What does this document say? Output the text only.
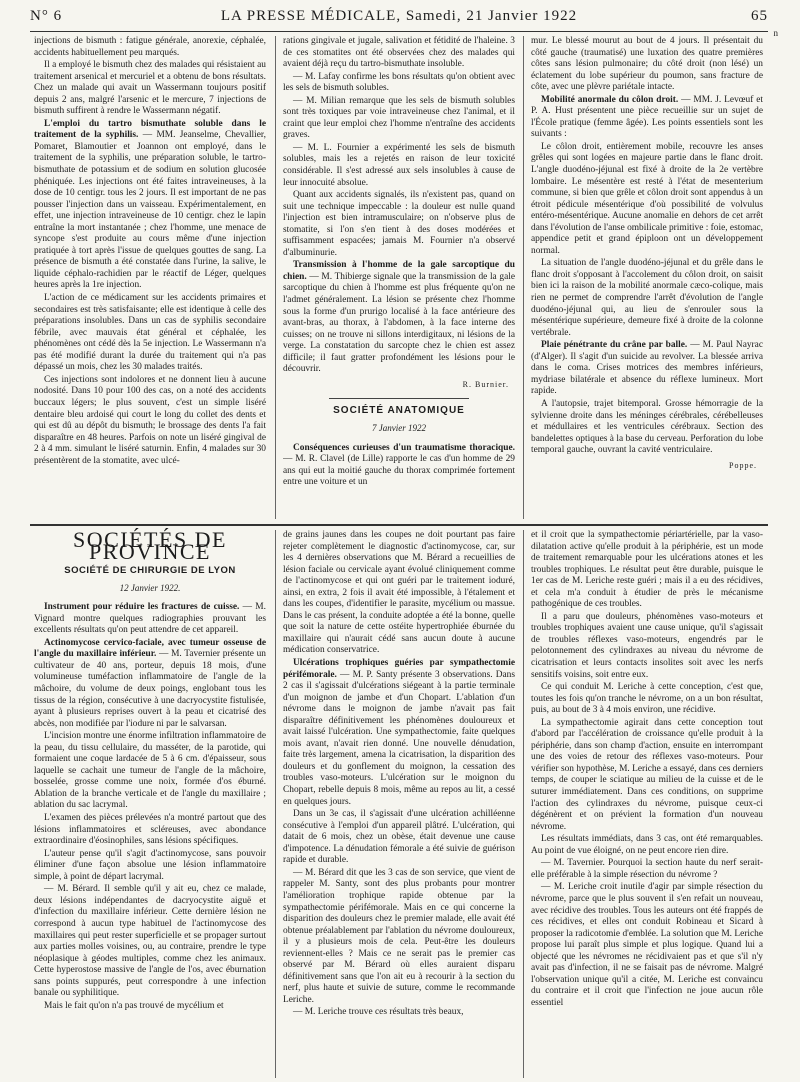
N° 6	LA PRESSE MÉDICALE, Samedi, 21 Janvier 1922	65
n

injections de bismuth : fatigue générale, anorexie, céphalée, accidents habituellement peu marqués.

Il a employé le bismuth chez des malades qui résistaient au traitement arsenical et mercuriel et a obtenu de bons résultats. Chez un malade qui avait un Wassermann toujours positif depuis 2 ans, malgré l'arsenic et le mercure, 7 injections de bismuth suffirent à rendre le Wassermann négatif.

L'emploi du tartro bismuthate soluble dans le traitement de la syphilis. — MM. Jeanselme, Chevallier, Pomaret, Blamoutier et Joannon ont employé, dans le traitement de la syphilis, une préparation soluble, le tartro-bismuthate de potassium et de sodium en solution glucosée phéniquée. Les injections ont été faites intraveineuses, à la dose de 10 centigr. tous les 2 jours. Il est important de ne pas pousser l'injection dans un vaisseau. Expérimentalement, en effet, une injection intraveineuse de 10 centigr. chez le lapin entraîne la mort instantanée ; chez l'homme, une menace de syncope s'est produite au cours même d'une injection pratiquée à tort après l'issue de quelques gouttes de sang. La présence de bismuth a été constatée dans l'urine, la salive, le liquide céphalo-rachidien par le réactif de Léger, quelques heures après la 1re injection.

L'action de ce médicament sur les accidents primaires et secondaires est très satisfaisante; elle est identique à celle des préparations insolubles. Dans un cas de syphilis secondaire fébrile, avec mauvais état général et céphalée, les phénomènes ont cédé dès la 5e injection. Le Wassermann n'a pas été modifié durant la durée du traitement qui n'a pas dépassé un mois, chez les 30 malades traités.

Ces injections sont indolores et ne donnent lieu à aucune nodosité. Dans 10 pour 100 des cas, on a noté des accidents buccaux légers; le plus souvent, c'est un simple liséré dentaire bleu ardoisé qui court le long du collet des dents et qui est dû au dépôt du bismuth; le brossage des dents l'a fait disparaître en 48 heures. Parfois on note un liséré gingival de 2 à 4 mm. simulant le liséré saturnin. Enfin, 4 malades sur 30 présentèrent de la stomatite, avec ulcé-

rations gingivale et jugale, salivation et fétidité de l'haleine. 3 de ces stomatites ont été observées chez des malades qui avaient déjà reçu du tartro-bismuthate insoluble.

— M. Lafay confirme les bons résultats qu'on obtient avec les sels de bismuth solubles.

— M. Milian remarque que les sels de bismuth solubles sont très toxiques par voie intraveineuse chez l'animal, et il craint que leur emploi chez l'homme n'entraîne des accidents graves.

— M. L. Fournier a expérimenté les sels de bismuth solubles, mais les a rejetés en raison de leur toxicité considérable. Il s'est adressé aux sels insolubles à cause de leur innocuité absolue.

Quant aux accidents signalés, ils n'existent pas, quand on suit une technique impeccable : la douleur est nulle quand l'injection est bien intramusculaire; on n'observe plus de stomatite, si l'on s'en tient à des doses modérées et suffisamment espacées; jamais M. Fournier n'a observé d'albuminurie.

Transmission à l'homme de la gale sarcoptique du chien. — M. Thibierge signale que la transmission de la gale sarcoptique du chien à l'homme est plus fréquente qu'on ne l'admet généralement. La lésion se présente chez l'homme sous la forme d'un prurigo localisé à la face antérieure des avant-bras, au thorax, à l'abdomen, à la face interne des cuisses; on ne trouve ni sillons interdigitaux, ni lésions de la verge. La constatation du sarcopte chez le chien est assez difficile; il faut gratter profondément les lésions pour le découvrir.

R. Burnier.
SOCIÉTÉ ANATOMIQUE
7 Janvier 1922

Conséquences curieuses d'un traumatisme thoracique. — M. R. Clavel (de Lille) rapporte le cas d'un homme de 29 ans qui eut la moitié gauche du thorax comprimée fortement entre une voiture et un

mur. Le blessé mourut au bout de 4 jours. Il présentait du côté gauche (traumatisé) une luxation des quatre premières côtes sans lésion pulmonaire; du côté droit (non lésé) un éclatement du lobe supérieur du poumon, sans fracture de côte, avec une plèvre pariétale intacte.

Mobilité anormale du côlon droit. — MM. J. Levœuf et P. A. Hust présentent une pièce recueillie sur un sujet de l'École pratique (femme âgée). Les points essentiels sont les suivants :

Le côlon droit, entièrement mobile, recouvre les anses grêles qui sont logées en majeure partie dans le flanc droit. L'angle duodéno-jéjunal est fixé à droite de la 2e vertèbre lombaire. Le mésentère est resté à l'état de mesenterium commune, si bien que grêle et côlon droit sont appendus à un étroit pédicule mésentérique d'où possibilité de volvulus entéro-mésentérique. Aucune anomalie en dehors de cet arrêt dans l'évolution de l'anse ombilicale primitive : foie, estomac, appendice petit et grand épiploon ont un développement normal.

La situation de l'angle duodéno-jéjunal et du grêle dans le flanc droit s'opposant à l'accolement du côlon droit, on saisit bien ici la raison de la mobilité anormale cæco-colique, mais rien ne permet de comprendre l'arrêt d'évolution de l'angle duodéno-jéjunal qui, au lieu de s'enrouler sous la mésentérique supérieure, demeure fixé à droite de la colonne vertébrale.

Plaie pénétrante du crâne par balle. — M. Paul Nayrac (d'Alger). Il s'agit d'un suicide au revolver. La blessée arriva dans le coma. Crises motrices des membres inférieurs, mydriase bilatérale et absence du réflexe lumineux. Mort rapide.

A l'autopsie, trajet bitemporal. Grosse hémorragie de la sylvienne droite dans les méninges cérébrales, cérébelleuses et médullaires et les ventricules cérébraux. Section des bandelettes optiques à la base du cerveau. Perforation du lobe temporal gauche, ouvrant la cavité ventriculaire.

Poppe.
SOCIÉTÉS DE PROVINCE
SOCIÉTÉ DE CHIRURGIE DE LYON
12 Janvier 1922.

Instrument pour réduire les fractures de cuisse. — M. Vignard montre quelques radiographies prouvant les excellents résultats qu'on peut attendre de cet appareil.

Actinomycose cervico-faciale, avec tumeur osseuse de l'angle du maxillaire inférieur. — M. Tavernier présente un cultivateur de 40 ans, porteur, depuis 18 mois, d'une volumineuse tuméfaction inflammatoire de l'angle de la mâchoire, du volume de deux poings, englobant tous les tissus de la région, consécutive à une dacryocystite fistulisée, ayant à plusieurs reprises ouvert à la peau et cicatrisé des abcès, non modifiée par l'iodure ni par le salvarsan.

L'incision montre une énorme infiltration inflammatoire de la peau, du tissu cellulaire, du masséter, de la parotide, qui formaient une coque lardacée de 5 à 6 cm. d'épaisseur, sous laquelle se cachait une tumeur de l'angle de la mâchoire, bosselée, grosse comme une noix, formée d'os éburné. Ablation de la branche verticale et de l'angle du maxillaire ; ablation du sac lacrymal.

L'examen des pièces prélevées n'a montré partout que des lésions inflammatoires et scléreuses, avec abondance extraordinaire d'éosinophiles, sans lésions spécifiques.

L'auteur pense qu'il s'agit d'actinomycose, sans pouvoir éliminer d'une façon absolue une lésion inflammatoire simple, à point de départ lacrymal.

— M. Bérard. Il semble qu'il y ait eu, chez ce malade, deux lésions indépendantes de dacryocystite aiguë et d'infection du maxillaire inférieur. Cette dernière lésion ne correspond à aucun type habituel de l'actinomycose des maxillaires qui peut rester superficielle et se propager surtout aux parties molles voisines, ou, au contraire, prendre le type néoplasique à géodes multiples, comme chez les animaux. Cette hyperostose massive de l'angle de l'os, avec éburnation sans points suppurés, peut correspondre à une infection banale ou syphilitique.

Mais le fait qu'on n'a pas trouvé de mycélium et

de grains jaunes dans les coupes ne doit pourtant pas faire rejeter complètement le diagnostic d'actinomycose, car, sur les 4 dernières observations que M. Bérard a recueillies de lésion faciale ou cervicale ayant évolué cliniquement comme de l'actinomycose et qui ont guéri par le traitement ioduré, ainsi, en extra, 2 fois il avait été impossible, à l'étalement et dans les coupes, d'identifier le parasite, mycélium ou massue. Dans le cas présent, la conduite adoptée a été la bonne, quelle que soit la nature de cette ostéite hypertrophiée éburnée du maxillaire qui n'aurait cédé sans aucun doute à aucune médication conservatrice.

Ulcérations trophiques guéries par sympathectomie périfémorale. — M. P. Santy présente 3 observations. Dans 2 cas il s'agissait d'ulcérations siégeant à la partie terminale d'un moignon de jambe et d'un Chopart. L'ablation d'un névrome dans le moignon de jambe n'avait pas fait disparaître définitivement les phénomènes douloureux et avait laissé l'ulcération. Une sympathectomie, faite quelques mois avant, n'avait rien donné. Une nouvelle dénudation, faite très largement, amena la cicatrisation, la disparition des douleurs et du gonflement du moignon, la cessation des troubles vaso-moteurs. L'ulcération sur le moignon du Chopart, rebelle depuis 8 mois, même au repos au lit, a cessé en quelques jours.

Dans un 3e cas, il s'agissait d'une ulcération achilléenne consécutive à l'emploi d'un appareil plâtré. L'ulcération, qui datait de 6 mois, chez un obèse, était devenue une cause d'impotence. La dénudation fémorale a été suivie de guérison rapide et durable.

— M. Bérard dit que les 3 cas de son service, que vient de rappeler M. Santy, sont des plus probants pour montrer l'amélioration trophique rapide obtenue par la sympathectomie périfémorale. Mais en ce qui concerne la disparition des douleurs chez le premier malade, elle avait été obtenue préalablement par l'ablation du névrome douloureux, il y a plusieurs mois de cela. Peut-être les douleurs reviennent-elles ? Mais ce ne serait pas le premier cas observé par M. Bérard où elles auraient disparu définitivement sans que l'on ait eu à recourir à la section du nerf, plus haute et suivie de suture, comme le recommande Leriche.

— M. Leriche trouve ces résultats très beaux,

et il croit que la sympathectomie périartérielle, par la vaso-dilatation active qu'elle produit à la périphérie, est un mode de traitement remarquable pour les ulcérations atones et les troubles trophiques. Le résultat peut être durable, puisque le 1er cas de M. Leriche reste guéri ; mais il a eu des récidives, et cela m'a conduit à étudier de près le mécanisme pathogénique de ces troubles.

Il a paru que douleurs, phénomènes vaso-moteurs et troubles trophiques avaient une cause unique, qu'il s'agissait de troubles réflexes vaso-moteurs, engendrés par le pelotonnement des cylindraxes au niveau du névrome de cicatrisation et leurs contacts insolites soit avec les nerfs sensitifs voisins, soit entre eux.

Ce qui conduit M. Leriche à cette conception, c'est que, toutes les fois qu'on tranche le névrome, on a un bon résultat, puis, au bout de 3 à 4 mois environ, une récidive.

La sympathectomie agirait dans cette conception tout d'abord par l'accélération de croissance qu'elle produit à la périphérie, dans son champ d'action, ensuite en interrompant une des voies de retour des réflexes vaso-moteurs. Pour vérifier son hypothèse, M. Leriche a essayé, dans ces derniers temps, de couper le sciatique au milieu de la cuisse et de le suturer immédiatement. Dans ces conditions, on supprime l'action des cylindraxes du névrome, puisque ceux-ci dégénèrent et on prévient la formation d'un nouveau névrome.

Les résultats immédiats, dans 3 cas, ont été remarquables. Au point de vue éloigné, on ne peut encore rien dire.

— M. Tavernier. Pourquoi la section haute du nerf serait-elle préférable à la simple résection du névrome ?

— M. Leriche croit inutile d'agir par simple résection du névrome, parce que le plus souvent il s'en refait un nouveau, avec récidive des troubles. Tous les auteurs ont été frappés de ces récidives, et elles ont conduit Robineau et Sicard à proposer la radicotomie d'emblée. La solution que M. Leriche propose lui paraît plus simple et plus logique. Quand lui a objecté que les névromes ne récidivaient pas et que s'il n'y avait pas d'infection, il ne se faisait pas de névrome. Malgré l'observation unique qu'il a citée, M. Leriche est convaincu du contraire et il croit que l'infection ne joue aucun rôle essentiel
